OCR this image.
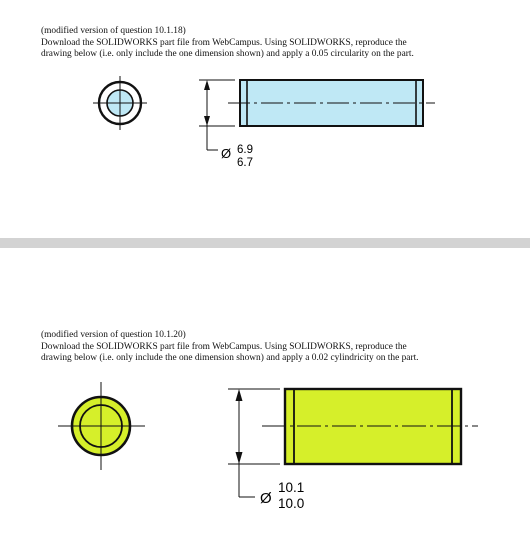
(modified version of question 10.1.18)
Download the SOLIDWORKS part file from WebCampus. Using SOLIDWORKS, reproduce the
drawing below (i.e. only include the one dimension shown) and apply a 0.05 circularity on the part.
Ø 6.9
6.7
(modified version of question 10.1.20)
Download the SOLIDWORKS part file from WebCampus. Using SOLIDWORKS, reproduce the
drawing below (i.e. only include the one dimension shown) and apply a 0.02 cylindricity on the part.
Ø
10.1
10.0
